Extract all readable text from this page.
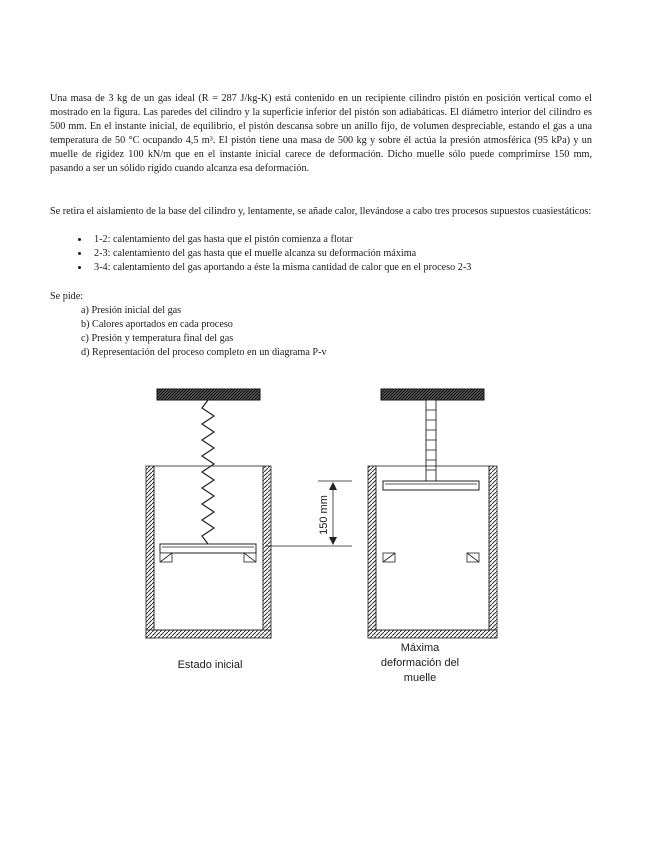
Una masa de 3 kg de un gas ideal (R = 287 J/kg-K) está contenido en un recipiente cilindro pistón en posición vertical como el mostrado en la figura. Las paredes del cilindro y la superficie inferior del pistón son adiabáticas. El diámetro interior del cilindro es 500 mm. En el instante inicial, de equilibrio, el pistón descansa sobre un anillo fijo, de volumen despreciable, estando el gas a una temperatura de 50 °C ocupando 4,5 m³. El pistón tiene una masa de 500 kg y sobre él actúa la presión atmosférica (95 kPa) y un muelle de rigidez 100 kN/m que en el instante inicial carece de deformación. Dicho muelle sólo puede comprimirse 150 mm, pasando a ser un sólido rígido cuando alcanza esa deformación.

Se retira el aislamiento de la base del cilindro y, lentamente, se añade calor, llevándose a cabo tres procesos supuestos cuasiestáticos:

• 1-2: calentamiento del gas hasta que el pistón comienza a flotar
• 2-3: calentamiento del gas hasta que el muelle alcanza su deformación máxima
• 3-4: calentamiento del gas aportando a éste la misma cantidad de calor que en el proceso 2-3

Se pide:

a) Presión inicial del gas

b) Calores aportados en cada proceso

c) Presión y temperatura final del gas

d) Representación del proceso completo en un diagrama P-v

150 mm
Estado inicial
Máxima
deformación del
muelle
